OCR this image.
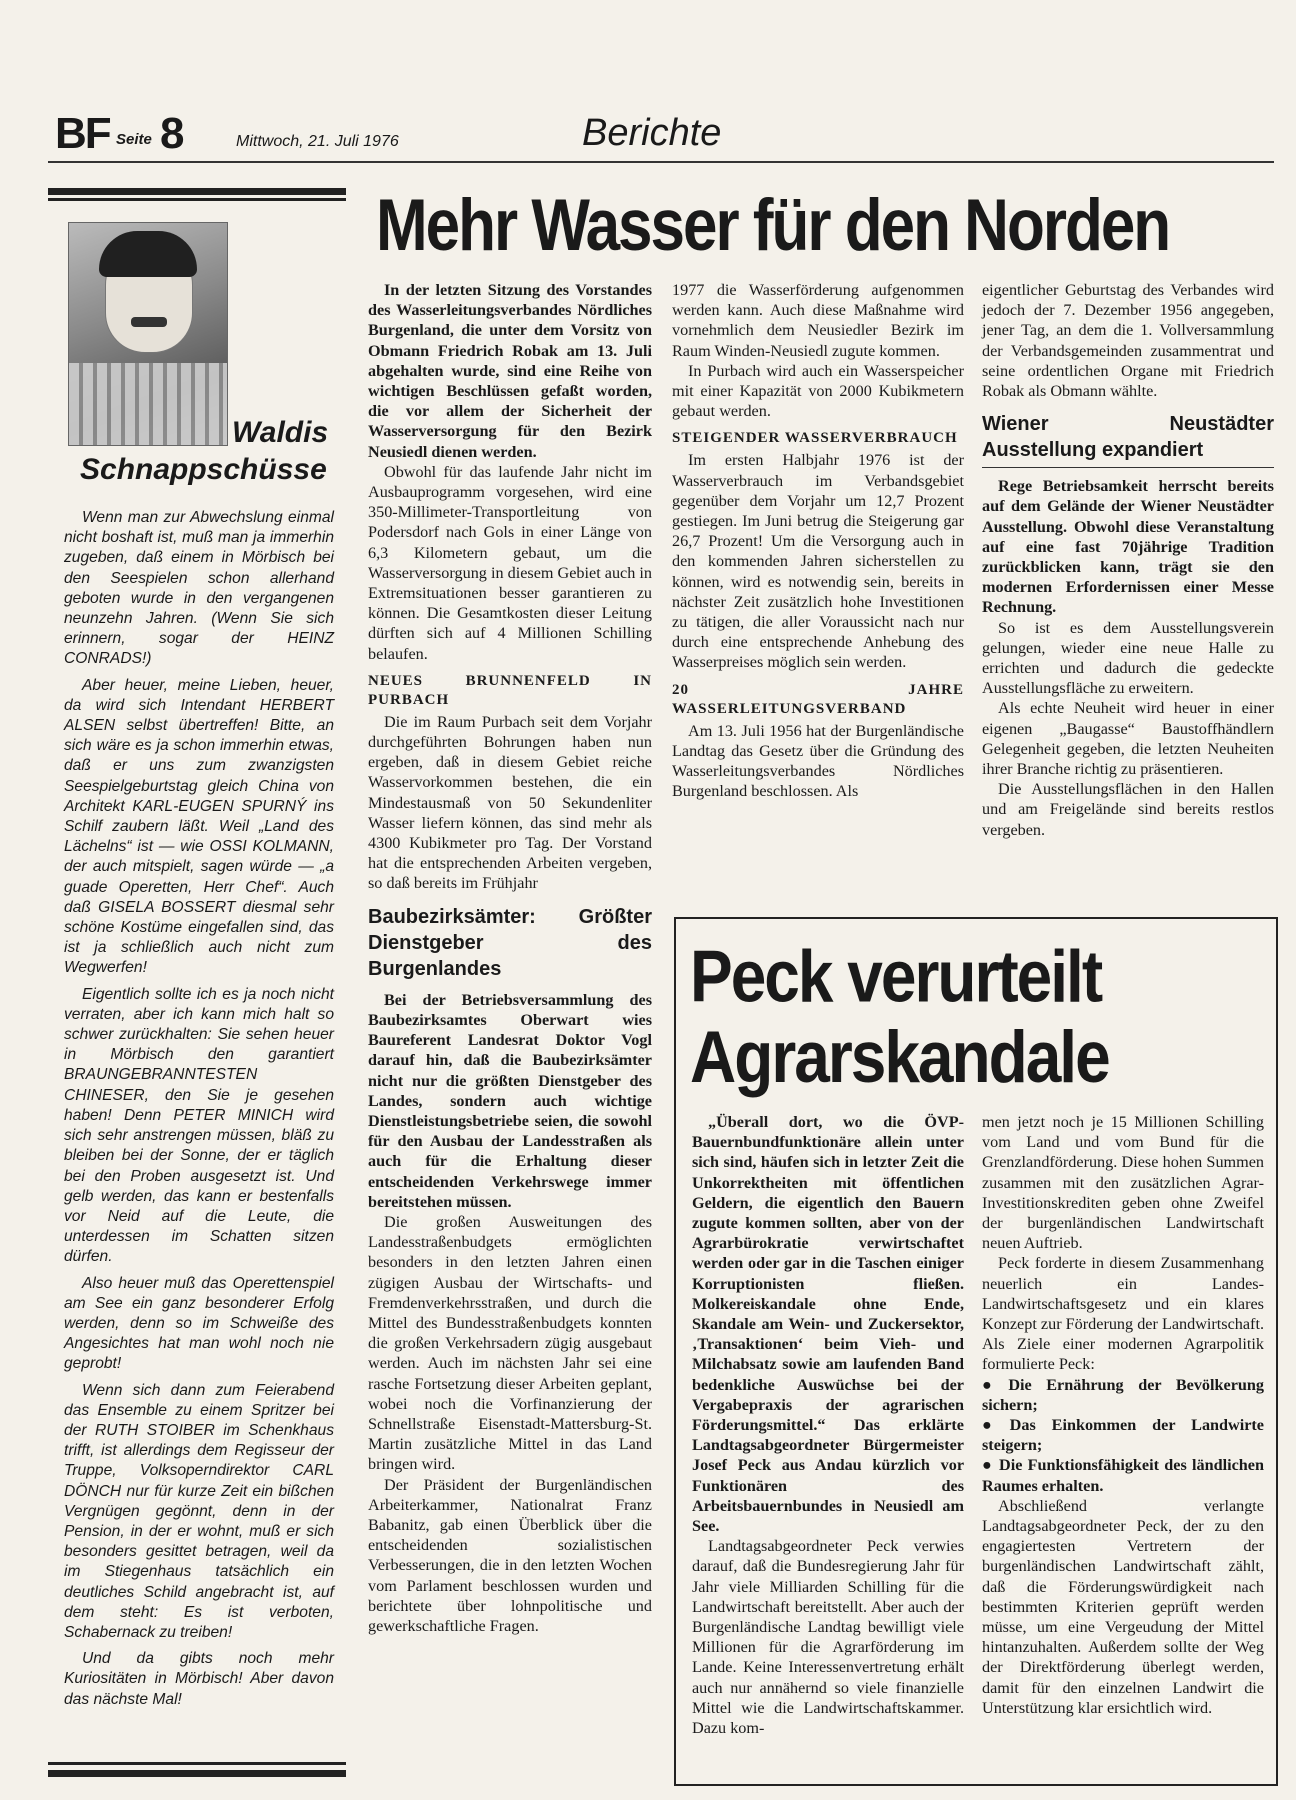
BF Seite 8	Mittwoch, 21. Juli 1976	Berichte
Waldis
Schnappschüsse

Wenn man zur Abwechslung einmal nicht boshaft ist, muß man ja immerhin zugeben, daß einem in Mörbisch bei den Seespielen schon allerhand geboten wurde in den vergangenen neunzehn Jahren. (Wenn Sie sich erinnern, sogar der HEINZ CONRADS!)

Aber heuer, meine Lieben, heuer, da wird sich Intendant HERBERT ALSEN selbst übertreffen! Bitte, an sich wäre es ja schon immerhin etwas, daß er uns zum zwanzigsten Seespielgeburtstag gleich China von Architekt KARL-EUGEN SPURNÝ ins Schilf zaubern läßt. Weil „Land des Lächelns“ ist — wie OSSI KOLMANN, der auch mitspielt, sagen würde — „a guade Operetten, Herr Chef“. Auch daß GISELA BOSSERT diesmal sehr schöne Kostüme eingefallen sind, das ist ja schließlich auch nicht zum Wegwerfen!

Eigentlich sollte ich es ja noch nicht verraten, aber ich kann mich halt so schwer zurückhalten: Sie sehen heuer in Mörbisch den garantiert BRAUNGEBRANNTESTEN CHINESER, den Sie je gesehen haben! Denn PETER MINICH wird sich sehr anstrengen müssen, bläß zu bleiben bei der Sonne, der er täglich bei den Proben ausgesetzt ist. Und gelb werden, das kann er bestenfalls vor Neid auf die Leute, die unterdessen im Schatten sitzen dürfen.

Also heuer muß das Operettenspiel am See ein ganz besonderer Erfolg werden, denn so im Schweiße des Angesichtes hat man wohl noch nie geprobt!

Wenn sich dann zum Feierabend das Ensemble zu einem Spritzer bei der RUTH STOIBER im Schenkhaus trifft, ist allerdings dem Regisseur der Truppe, Volksoperndirektor CARL DÖNCH nur für kurze Zeit ein bißchen Vergnügen gegönnt, denn in der Pension, in der er wohnt, muß er sich besonders gesittet betragen, weil da im Stiegenhaus tatsächlich ein deutliches Schild angebracht ist, auf dem steht: Es ist verboten, Schabernack zu treiben!

Und da gibts noch mehr Kuriositäten in Mörbisch! Aber davon das nächste Mal!

Mehr Wasser für den Norden

In der letzten Sitzung des Vorstandes des Wasserleitungsverbandes Nördliches Burgenland, die unter dem Vorsitz von Obmann Friedrich Robak am 13. Juli abgehalten wurde, sind eine Reihe von wichtigen Beschlüssen gefaßt worden, die vor allem der Sicherheit der Wasserversorgung für den Bezirk Neusiedl dienen werden.

Obwohl für das laufende Jahr nicht im Ausbauprogramm vorgesehen, wird eine 350-Millimeter-Transportleitung von Podersdorf nach Gols in einer Länge von 6,3 Kilometern gebaut, um die Wasserversorgung in diesem Gebiet auch in Extremsituationen besser garantieren zu können. Die Gesamtkosten dieser Leitung dürften sich auf 4 Millionen Schilling belaufen.

NEUES BRUNNENFELD IN PURBACH

Die im Raum Purbach seit dem Vorjahr durchgeführten Bohrungen haben nun ergeben, daß in diesem Gebiet reiche Wasservorkommen bestehen, die ein Mindestausmaß von 50 Sekundenliter Wasser liefern können, das sind mehr als 4300 Kubikmeter pro Tag. Der Vorstand hat die entsprechenden Arbeiten vergeben, so daß bereits im Frühjahr

Baubezirksämter: Größter Dienstgeber des Burgenlandes

Bei der Betriebsversammlung des Baubezirksamtes Oberwart wies Baureferent Landesrat Doktor Vogl darauf hin, daß die Baubezirksämter nicht nur die größten Dienstgeber des Landes, sondern auch wichtige Dienstleistungsbetriebe seien, die sowohl für den Ausbau der Landesstraßen als auch für die Erhaltung dieser entscheidenden Verkehrswege immer bereitstehen müssen.

Die großen Ausweitungen des Landesstraßenbudgets ermöglichten besonders in den letzten Jahren einen zügigen Ausbau der Wirtschafts- und Fremdenverkehrsstraßen, und durch die Mittel des Bundesstraßenbudgets konnten die großen Verkehrsadern zügig ausgebaut werden. Auch im nächsten Jahr sei eine rasche Fortsetzung dieser Arbeiten geplant, wobei noch die Vorfinanzierung der Schnellstraße Eisenstadt-Mattersburg-St. Martin zusätzliche Mittel in das Land bringen wird.

Der Präsident der Burgenländischen Arbeiterkammer, Nationalrat Franz Babanitz, gab einen Überblick über die entscheidenden sozialistischen Verbesserungen, die in den letzten Wochen vom Parlament beschlossen wurden und berichtete über lohnpolitische und gewerkschaftliche Fragen.

1977 die Wasserförderung aufgenommen werden kann. Auch diese Maßnahme wird vornehmlich dem Neusiedler Bezirk im Raum Winden-Neusiedl zugute kommen.

In Purbach wird auch ein Wasserspeicher mit einer Kapazität von 2000 Kubikmetern gebaut werden.

STEIGENDER WASSERVERBRAUCH

Im ersten Halbjahr 1976 ist der Wasserverbrauch im Verbandsgebiet gegenüber dem Vorjahr um 12,7 Prozent gestiegen. Im Juni betrug die Steigerung gar 26,7 Prozent! Um die Versorgung auch in den kommenden Jahren sicherstellen zu können, wird es notwendig sein, bereits in nächster Zeit zusätzlich hohe Investitionen zu tätigen, die aller Voraussicht nach nur durch eine entsprechende Anhebung des Wasserpreises möglich sein werden.

20 JAHRE WASSERLEITUNGSVERBAND

Am 13. Juli 1956 hat der Burgenländische Landtag das Gesetz über die Gründung des Wasserleitungsverbandes Nördliches Burgenland beschlossen. Als

eigentlicher Geburtstag des Verbandes wird jedoch der 7. Dezember 1956 angegeben, jener Tag, an dem die 1. Vollversammlung der Verbandsgemeinden zusammentrat und seine ordentlichen Organe mit Friedrich Robak als Obmann wählte.

Wiener Neustädter Ausstellung expandiert

Rege Betriebsamkeit herrscht bereits auf dem Gelände der Wiener Neustädter Ausstellung. Obwohl diese Veranstaltung auf eine fast 70jährige Tradition zurückblicken kann, trägt sie den modernen Erfordernissen einer Messe Rechnung.

So ist es dem Ausstellungsverein gelungen, wieder eine neue Halle zu errichten und dadurch die gedeckte Ausstellungsfläche zu erweitern.

Als echte Neuheit wird heuer in einer eigenen „Baugasse“ Baustoffhändlern Gelegenheit gegeben, die letzten Neuheiten ihrer Branche richtig zu präsentieren.

Die Ausstellungsflächen in den Hallen und am Freigelände sind bereits restlos vergeben.

Peck verurteilt Agrarskandale

„Überall dort, wo die ÖVP-Bauernbundfunktionäre allein unter sich sind, häufen sich in letzter Zeit die Unkorrektheiten mit öffentlichen Geldern, die eigentlich den Bauern zugute kommen sollten, aber von der Agrarbürokratie verwirtschaftet werden oder gar in die Taschen einiger Korruptionisten fließen. Molkereiskandale ohne Ende, Skandale am Wein- und Zuckersektor, ‚Transaktionen‘ beim Vieh- und Milchabsatz sowie am laufenden Band bedenkliche Auswüchse bei der Vergabepraxis der agrarischen Förderungsmittel.“ Das erklärte Landtagsabgeordneter Bürgermeister Josef Peck aus Andau kürzlich vor Funktionären des Arbeitsbauernbundes in Neusiedl am See.

Landtagsabgeordneter Peck verwies darauf, daß die Bundesregierung Jahr für Jahr viele Milliarden Schilling für die Landwirtschaft bereitstellt. Aber auch der Burgenländische Landtag bewilligt viele Millionen für die Agrarförderung im Lande. Keine Interessenvertretung erhält auch nur annähernd so viele finanzielle Mittel wie die Landwirtschaftskammer. Dazu kom-

men jetzt noch je 15 Millionen Schilling vom Land und vom Bund für die Grenzlandförderung. Diese hohen Summen zusammen mit den zusätzlichen Agrar-Investitionskrediten geben ohne Zweifel der burgenländischen Landwirtschaft neuen Auftrieb.

Peck forderte in diesem Zusammenhang neuerlich ein Landes-Landwirtschaftsgesetz und ein klares Konzept zur Förderung der Landwirtschaft. Als Ziele einer modernen Agrarpolitik formulierte Peck:

● Die Ernährung der Bevölkerung sichern;

● Das Einkommen der Landwirte steigern;

● Die Funktionsfähigkeit des ländlichen Raumes erhalten.

Abschließend verlangte Landtagsabgeordneter Peck, der zu den engagiertesten Vertretern der burgenländischen Landwirtschaft zählt, daß die Förderungswürdigkeit nach bestimmten Kriterien geprüft werden müsse, um eine Vergeudung der Mittel hintanzuhalten. Außerdem sollte der Weg der Direktförderung überlegt werden, damit für den einzelnen Landwirt die Unterstützung klar ersichtlich wird.
